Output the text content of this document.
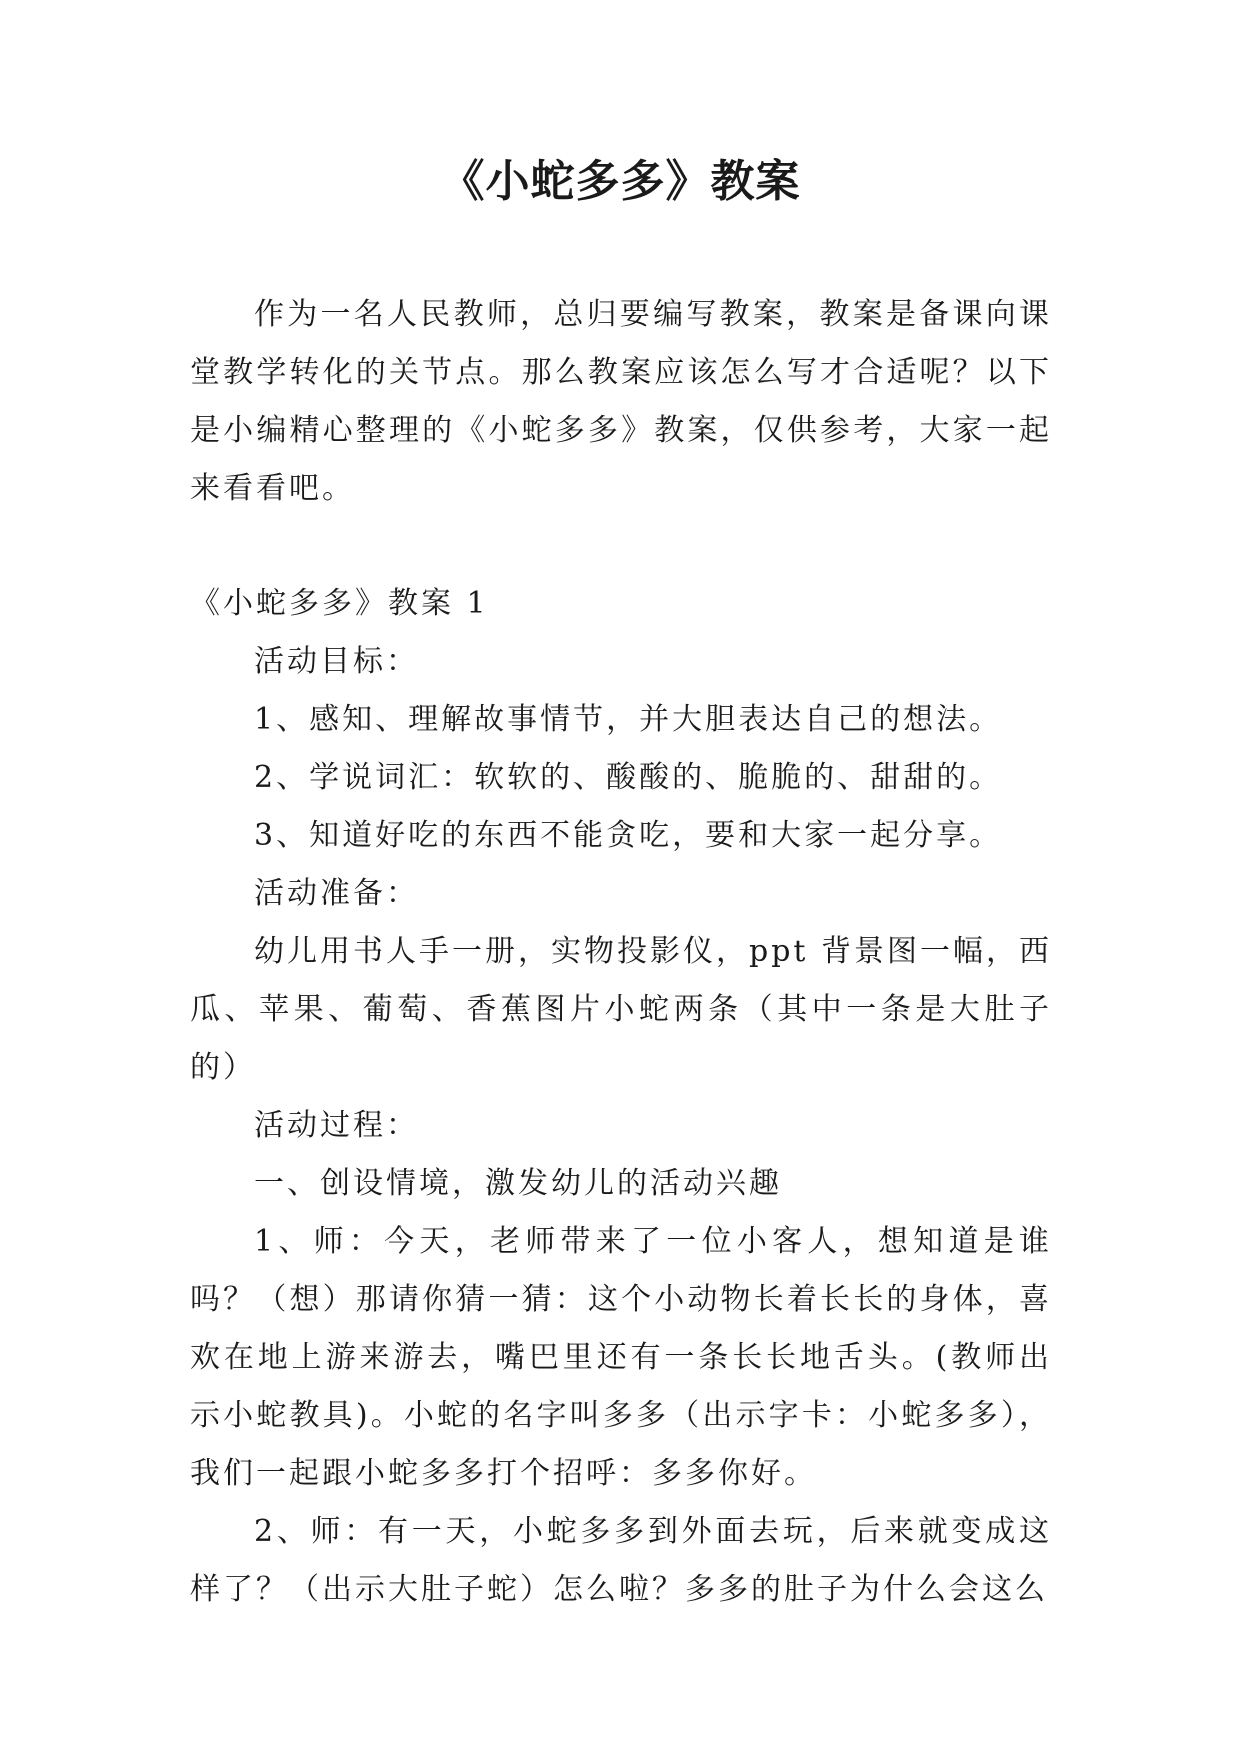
《小蛇多多》教案

作为一名人民教师，总归要编写教案，教案是备课向课堂教学转化的关节点。那么教案应该怎么写才合适呢？以下是小编精心整理的《小蛇多多》教案，仅供参考，大家一起来看看吧。

《小蛇多多》教案 1

活动目标：

1、感知、理解故事情节，并大胆表达自己的想法。

2、学说词汇：软软的、酸酸的、脆脆的、甜甜的。

3、知道好吃的东西不能贪吃，要和大家一起分享。

活动准备：

幼儿用书人手一册，实物投影仪，ppt 背景图一幅，西瓜、苹果、葡萄、香蕉图片小蛇两条（其中一条是大肚子的）

活动过程：

一、创设情境，激发幼儿的活动兴趣

1、师：今天，老师带来了一位小客人，想知道是谁吗？（想）那请你猜一猜：这个小动物长着长长的身体，喜欢在地上游来游去，嘴巴里还有一条长长地舌头。(教师出示小蛇教具)。小蛇的名字叫多多（出示字卡：小蛇多多），我们一起跟小蛇多多打个招呼：多多你好。

2、师：有一天，小蛇多多到外面去玩，后来就变成这样了？（出示大肚子蛇）怎么啦？多多的肚子为什么会这么
